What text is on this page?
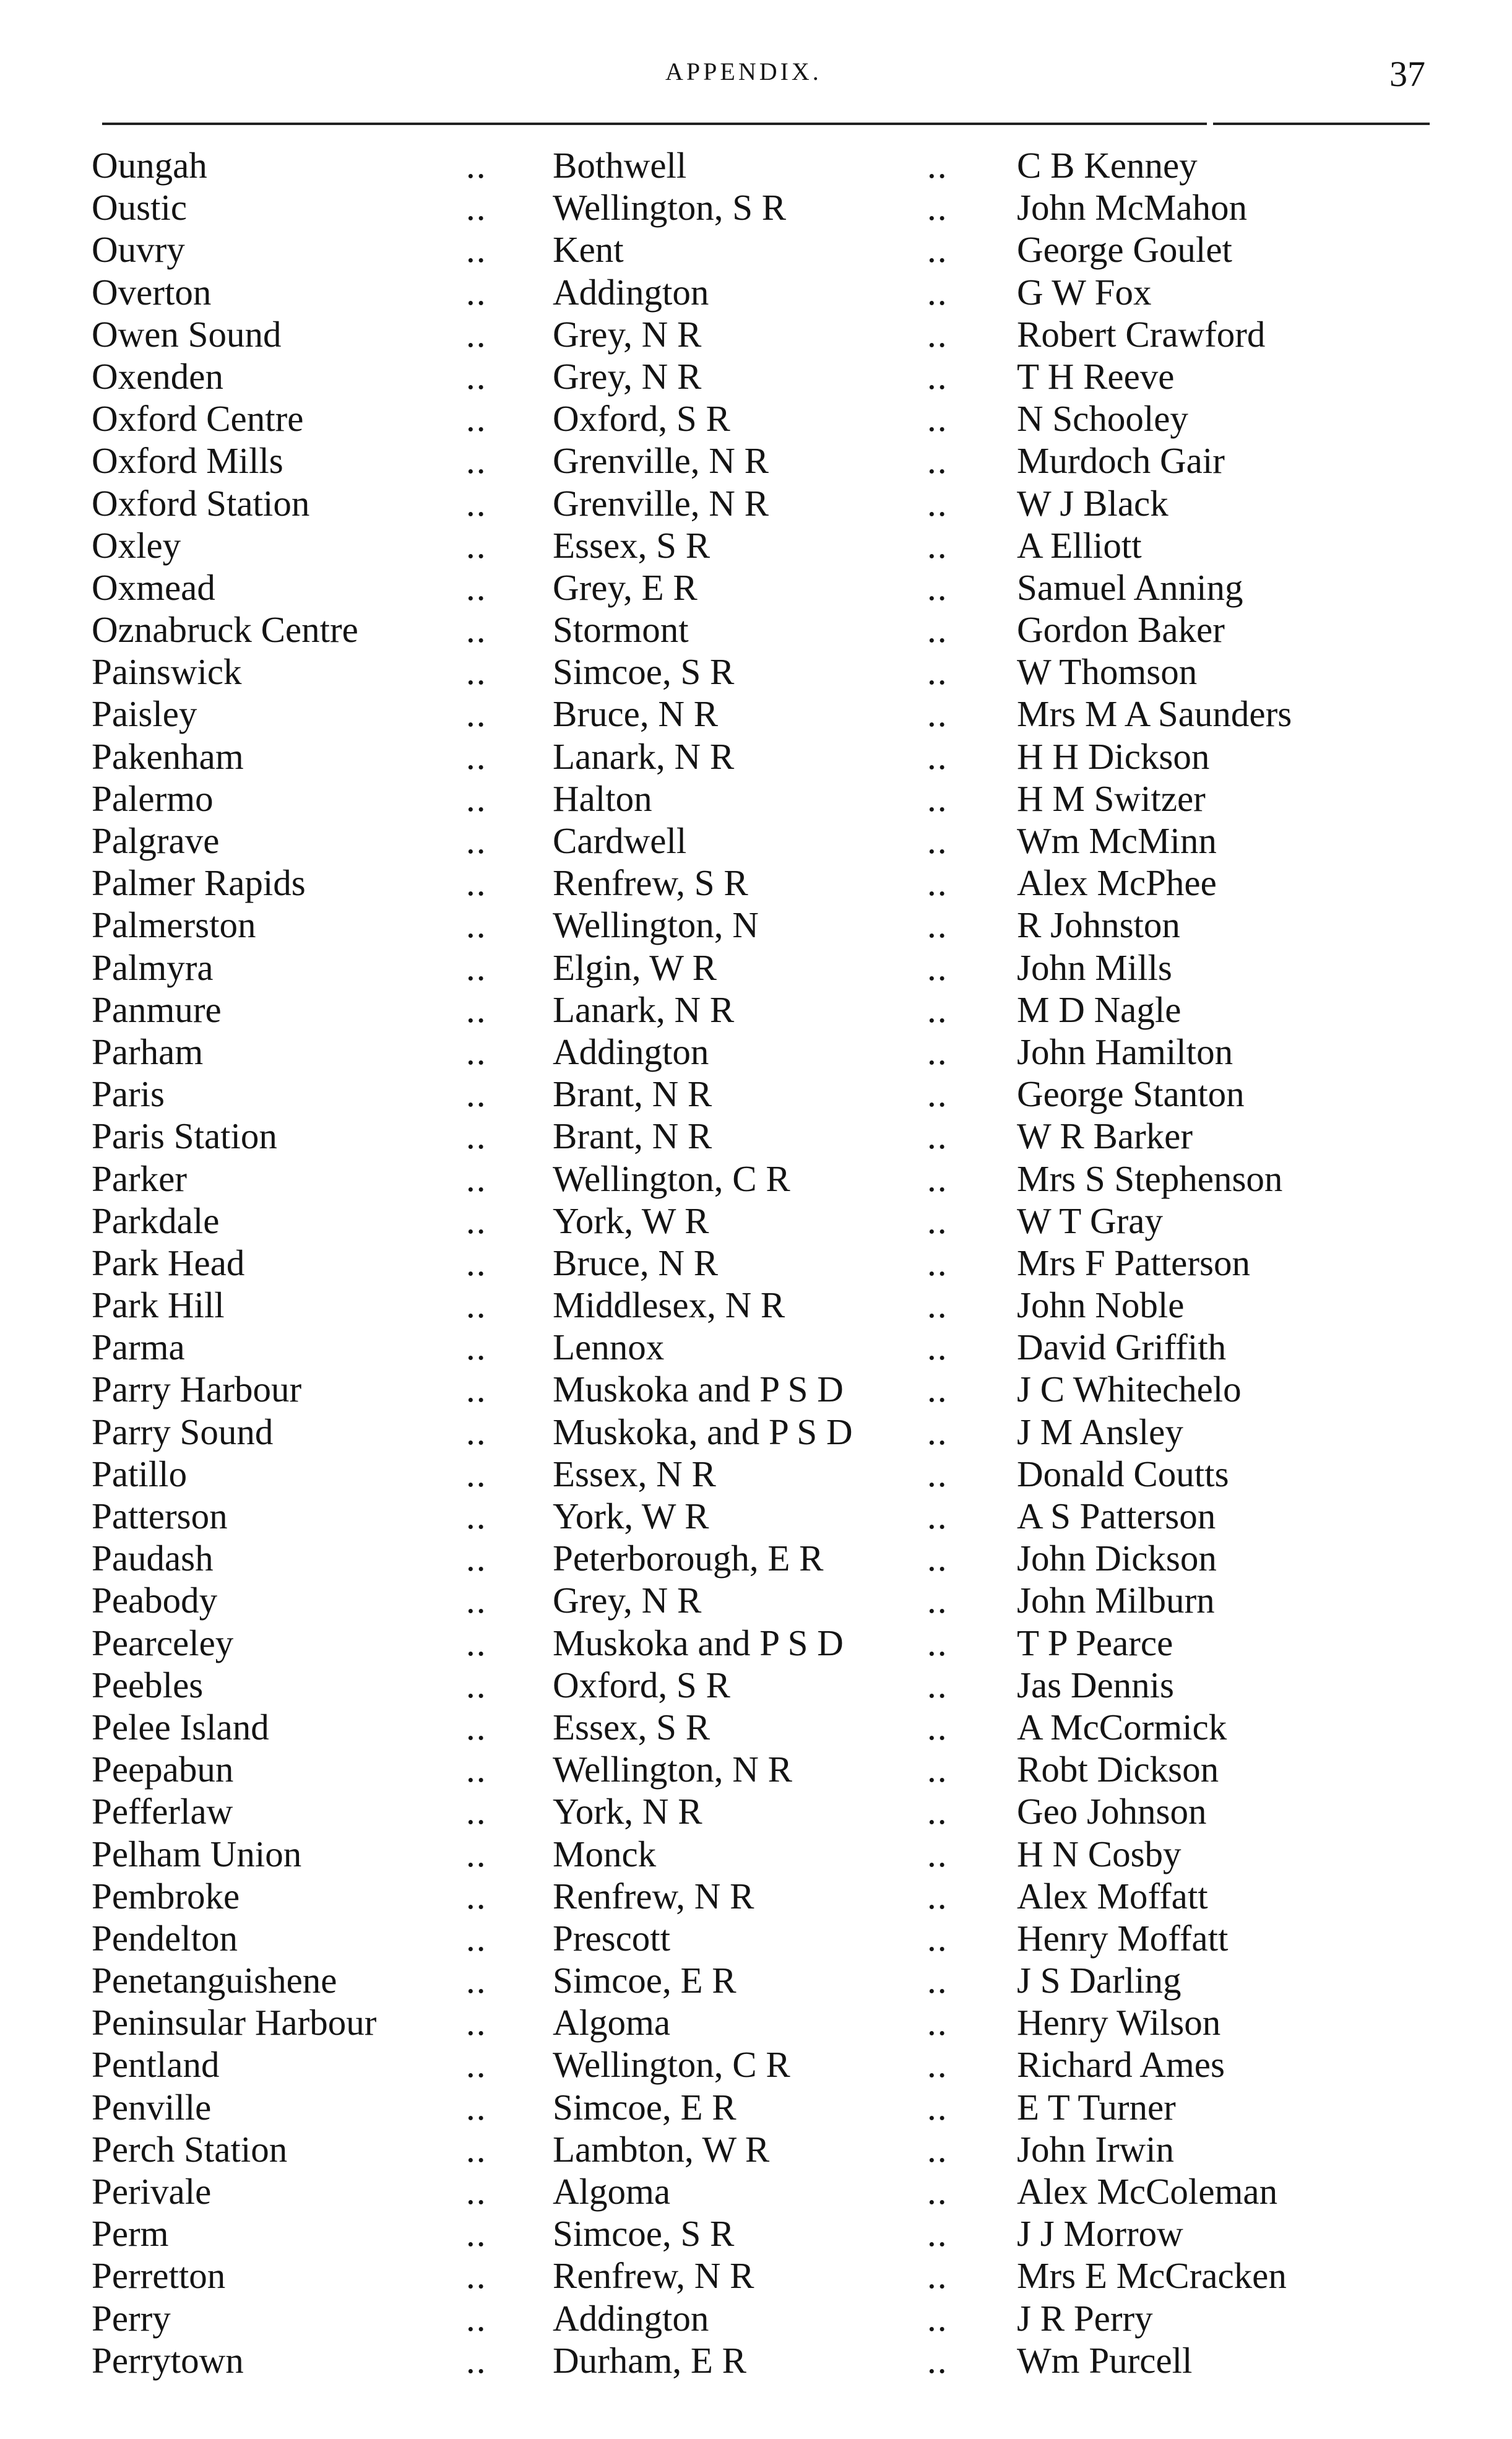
APPENDIX.	37
Oungah	.. Bothwell	.. C B Kenney
Oustic	.. Wellington, S R	.. John McMahon
Ouvry	.. Kent	.. George Goulet
Overton	.. Addington	.. G W Fox
Owen Sound	.. Grey, N R	.. Robert Crawford
Oxenden	.. Grey, N R	.. T H Reeve
Oxford Centre	.. Oxford, S R	.. N Schooley
Oxford Mills	.. Grenville, N R	.. Murdoch Gair
Oxford Station	.. Grenville, N R	.. W J Black
Oxley	.. Essex, S R	.. A Elliott
Oxmead	.. Grey, E R	.. Samuel Anning
Oznabruck Centre	.. Stormont	.. Gordon Baker
Painswick	.. Simcoe, S R	.. W Thomson
Paisley	.. Bruce, N R	.. Mrs M A Saunders
Pakenham	.. Lanark, N R	.. H H Dickson
Palermo	.. Halton	.. H M Switzer
Palgrave	.. Cardwell	.. Wm McMinn
Palmer Rapids	.. Renfrew, S R	.. Alex McPhee
Palmerston	.. Wellington, N	.. R Johnston
Palmyra	.. Elgin, W R	.. John Mills
Panmure	.. Lanark, N R	.. M D Nagle
Parham	.. Addington	.. John Hamilton
Paris	.. Brant, N R	.. George Stanton
Paris Station	.. Brant, N R	.. W R Barker
Parker	.. Wellington, C R	.. Mrs S Stephenson
Parkdale	.. York, W R	.. W T Gray
Park Head	.. Bruce, N R	.. Mrs F Patterson
Park Hill	.. Middlesex, N R	.. John Noble
Parma	.. Lennox	.. David Griffith
Parry Harbour	.. Muskoka and P S D .. J C Whitechelo
Parry Sound	.. Muskoka, and P S D .. J M Ansley
Patillo	.. Essex, N R	.. Donald Coutts
Patterson	.. York, W R	.. A S Patterson
Paudash	.. Peterborough, E R	.. John Dickson
Peabody	.. Grey, N R	.. John Milburn
Pearceley	.. Muskoka and P S D .. T P Pearce
Peebles	.. Oxford, S R	.. Jas Dennis
Pelee Island	.. Essex, S R	.. A McCormick
Peepabun	.. Wellington, N R	.. Robt Dickson
Pefferlaw	.. York, N R	.. Geo Johnson
Pelham Union	.. Monck	.. H N Cosby
Pembroke	.. Renfrew, N R	.. Alex Moffatt
Pendelton	.. Prescott	.. Henry Moffatt
Penetanguishene	.. Simcoe, E R	.. J S Darling
Peninsular Harbour .. Algoma	.. Henry Wilson
Pentland	.. Wellington, C R	.. Richard Ames
Penville	.. Simcoe, E R	.. E T Turner
Perch Station	.. Lambton, W R	.. John Irwin
Perivale	.. Algoma	.. Alex McColeman
Perm	.. Simcoe, S R	.. J J Morrow
Perretton	.. Renfrew, N R	.. Mrs E McCracken
Perry	.. Addington	.. J R Perry
Perrytown	.. Durham, E R	.. Wm Purcell
